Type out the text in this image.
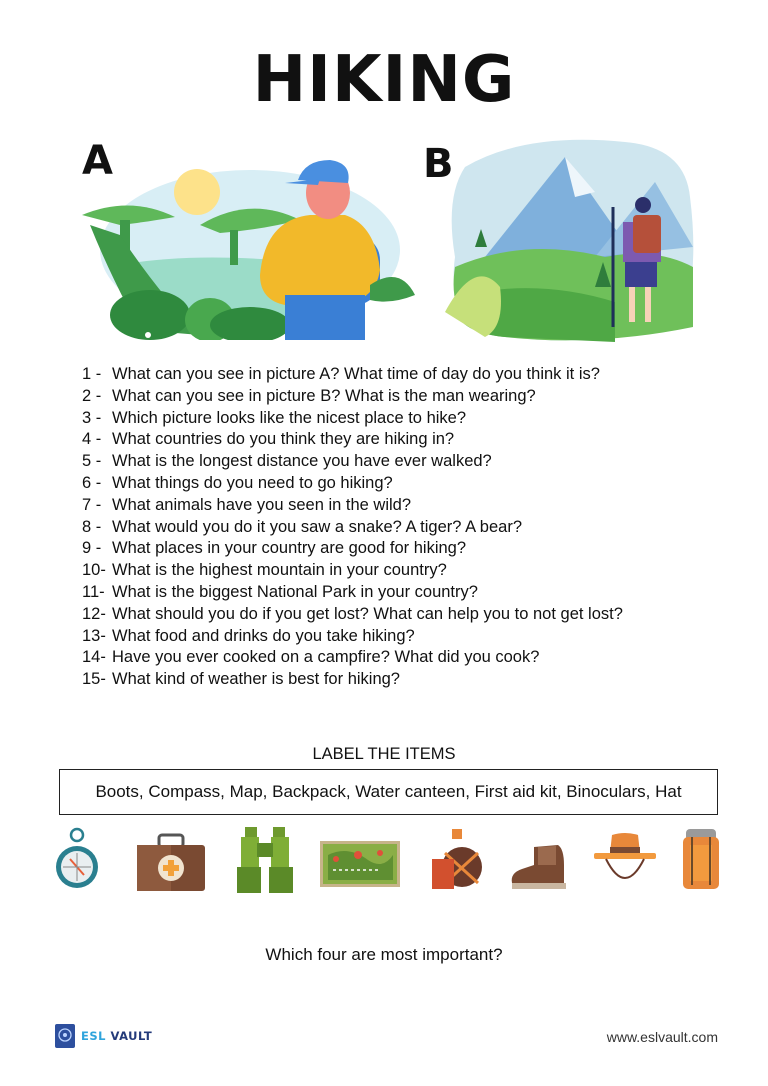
HIKING
A	B
1 - What can you see in picture A? What time of day do you think it is?
2 - What can you see in picture B? What is the man wearing?
3 - Which picture looks like the nicest place to hike?
4 - What countries do you think they are hiking in?
5 - What is the longest distance you have ever walked?
6 - What things do you need to go hiking?
7 - What animals have you seen in the wild?
8 - What would you do it you saw a snake? A tiger? A bear?
9 - What places in your country are good for hiking?
10- What is the highest mountain in your country?
11- What is the biggest National Park in your country?
12- What should you do if you get lost? What can help you to not get lost?
13- What food and drinks do you take hiking?
14- Have you ever cooked on a campfire? What did you cook?
15- What kind of weather is best for hiking?
LABEL THE ITEMS
Boots, Compass, Map, Backpack, Water canteen, First aid kit, Binoculars, Hat
Which four are most important?
ESL VAULT	www.eslvault.com
